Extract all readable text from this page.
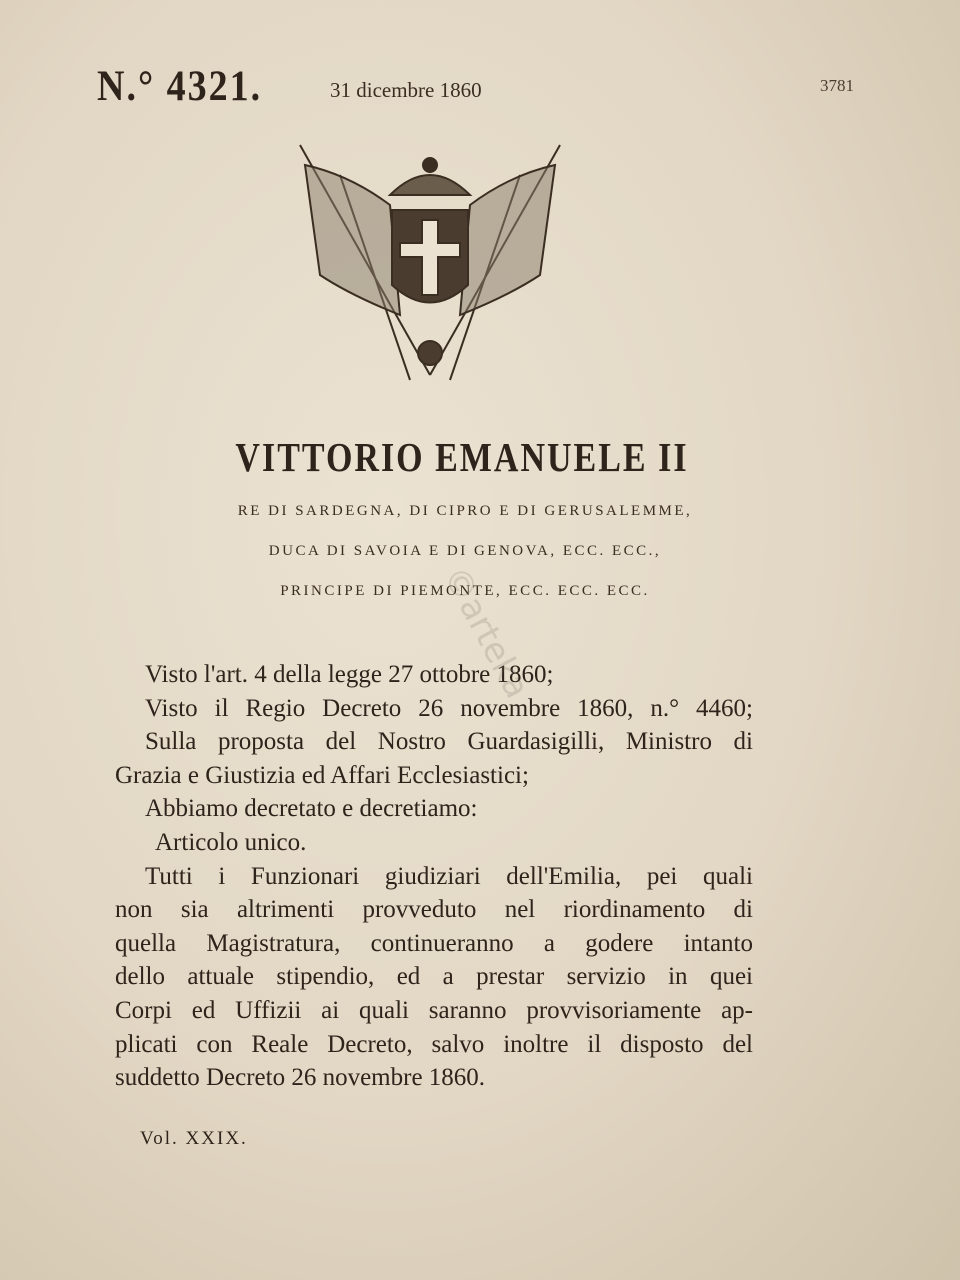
N.° 4321.	31 dicembre 1860	3781
VITTORIO EMANUELE II
RE DI SARDEGNA, DI CIPRO E DI GERUSALEMME,
DUCA DI SAVOIA E DI GENOVA, ECC. ECC.,
PRINCIPE DI PIEMONTE, ECC. ECC. ECC.
Visto l'art. 4 della legge 27 ottobre 1860;
Visto il Regio Decreto 26 novembre 1860, n.° 4460;
Sulla proposta del Nostro Guardasigilli, Ministro di
Grazia e Giustizia ed Affari Ecclesiastici;
Abbiamo decretato e decretiamo:
Articolo unico.
Tutti i Funzionari giudiziari dell'Emilia, pei quali
non sia altrimenti provveduto nel riordinamento di
quella Magistratura, continueranno a godere intanto
dello attuale stipendio, ed a prestar servizio in quei
Corpi ed Uffizii ai quali saranno provvisoriamente ap-
plicati con Reale Decreto, salvo inoltre il disposto del
suddetto Decreto 26 novembre 1860.
Vol. XXIX.
©arteka
